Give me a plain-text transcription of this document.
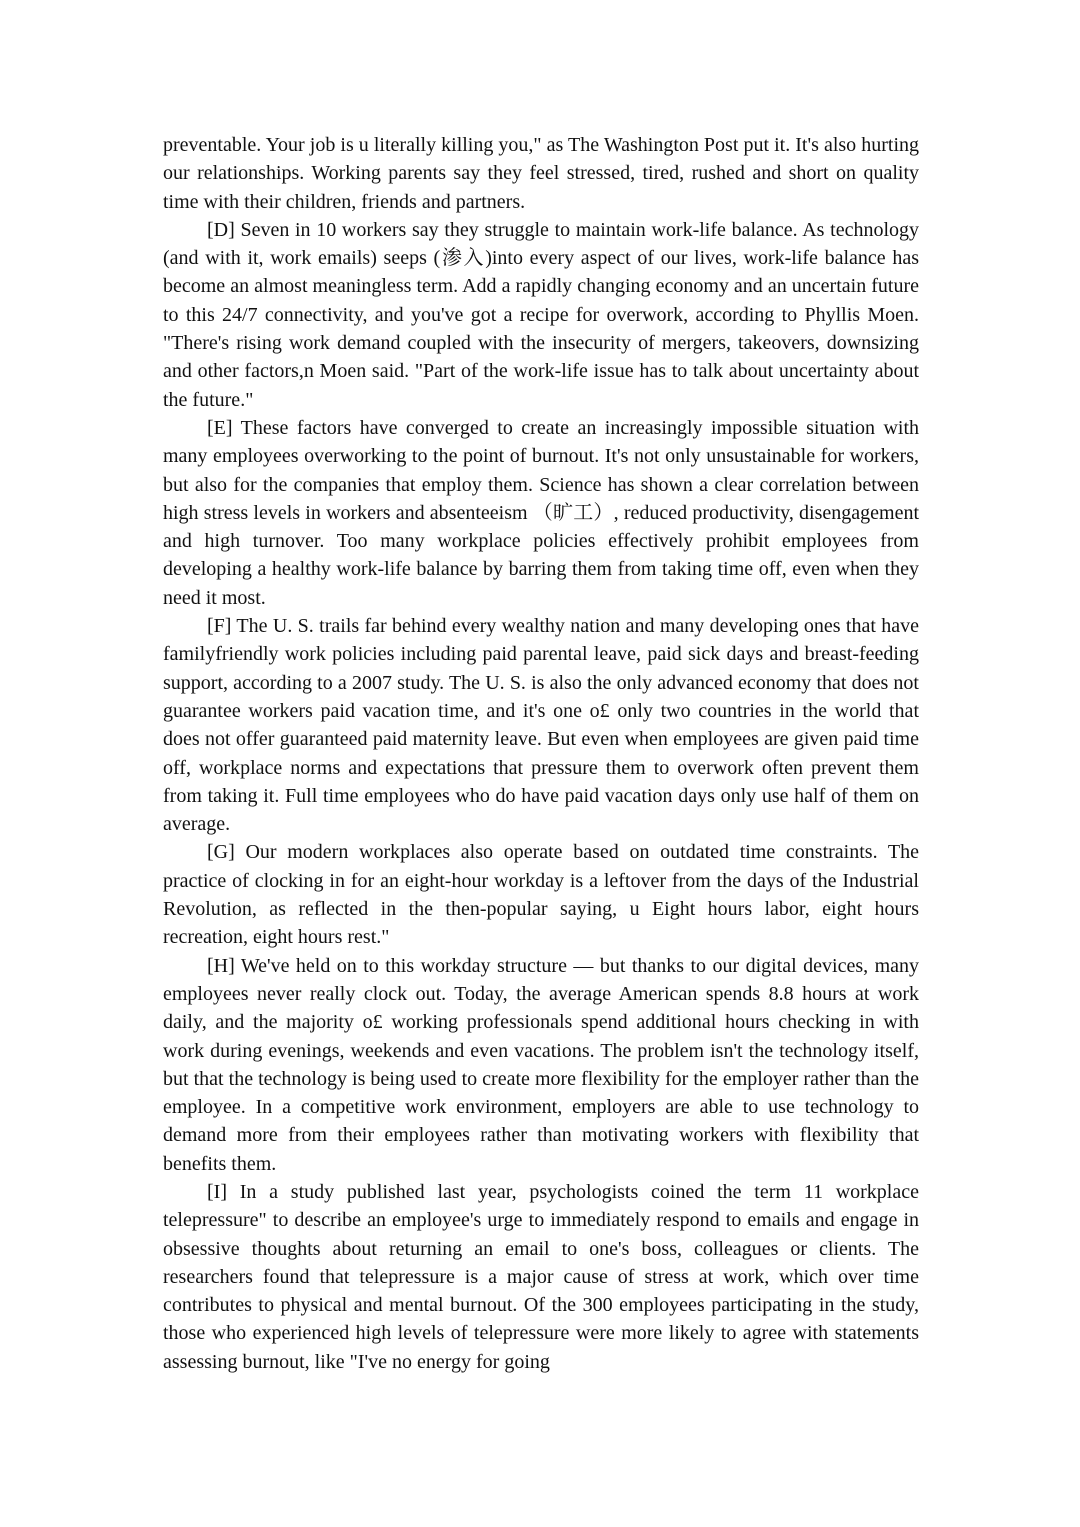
preventable. Your job is u literally killing you," as The Washington Post put it. It's also hurting our relationships. Working parents say they feel stressed, tired, rushed and short on quality time with their children, friends and partners.

[D] Seven in 10 workers say they struggle to maintain work-life balance. As technology (and with it, work emails) seeps (渗入)into every aspect of our lives, work-life balance has become an almost meaningless term. Add a rapidly changing economy and an uncertain future to this 24/7 connectivity, and you've got a recipe for overwork, according to Phyllis Moen. "There's rising work demand coupled with the insecurity of mergers, takeovers, downsizing and other factors,n Moen said. "Part of the work-life issue has to talk about uncertainty about the future."

[E] These factors have converged to create an increasingly impossible situation with many employees overworking to the point of burnout. It's not only unsustainable for workers, but also for the companies that employ them. Science has shown a clear correlation between high stress levels in workers and absenteeism （旷工）, reduced productivity, disengagement and high turnover. Too many workplace policies effectively prohibit employees from developing a healthy work-life balance by barring them from taking time off, even when they need it most.

[F] The U. S. trails far behind every wealthy nation and many developing ones that have familyfriendly work policies including paid parental leave, paid sick days and breast-feeding support, according to a 2007 study. The U. S. is also the only advanced economy that does not guarantee workers paid vacation time, and it's one o£ only two countries in the world that does not offer guaranteed paid maternity leave. But even when employees are given paid time off, workplace norms and expectations that pressure them to overwork often prevent them from taking it. Full time employees who do have paid vacation days only use half of them on average.

[G] Our modern workplaces also operate based on outdated time constraints. The practice of clocking in for an eight-hour workday is a leftover from the days of the Industrial Revolution, as reflected in the then-popular saying, u Eight hours labor, eight hours recreation, eight hours rest."

[H] We've held on to this workday structure — but thanks to our digital devices, many employees never really clock out. Today, the average American spends 8.8 hours at work daily, and the majority o£ working professionals spend additional hours checking in with work during evenings, weekends and even vacations. The problem isn't the technology itself, but that the technology is being used to create more flexibility for the employer rather than the employee. In a competitive work environment, employers are able to use technology to demand more from their employees rather than motivating workers with flexibility that benefits them.

[I] In a study published last year, psychologists coined the term 11 workplace telepressure" to describe an employee's urge to immediately respond to emails and engage in obsessive thoughts about returning an email to one's boss, colleagues or clients. The researchers found that telepressure is a major cause of stress at work, which over time contributes to physical and mental burnout. Of the 300 employees participating in the study, those who experienced high levels of telepressure were more likely to agree with statements assessing burnout, like "I've no energy for going
